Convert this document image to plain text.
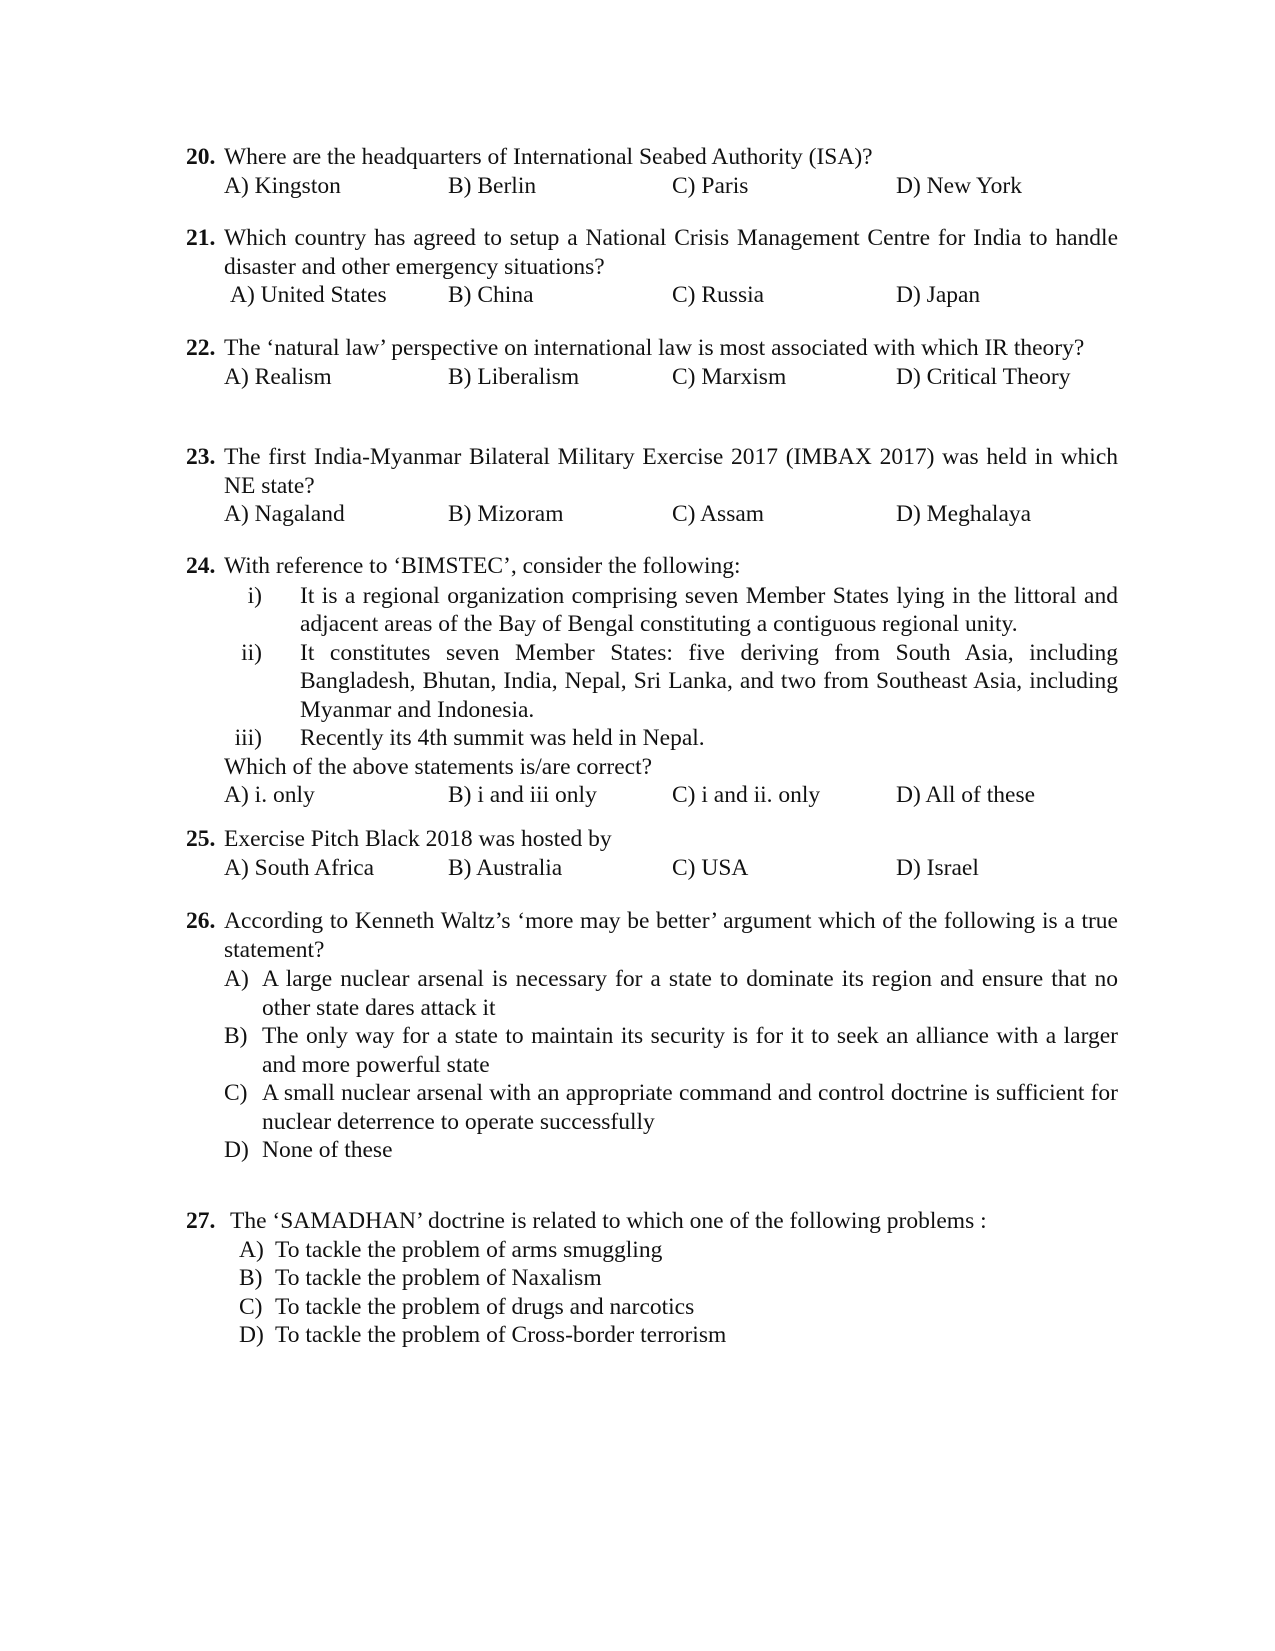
20. Where are the headquarters of International Seabed Authority (ISA)?
A) Kingston	B) Berlin	C) Paris	D) New York
21. Which country has agreed to setup a National Crisis Management Centre for India to handle disaster and other emergency situations?
A) United States	B) China	C) Russia	D) Japan
22. The ‘natural law’ perspective on international law is most associated with which IR theory?
A) Realism	B) Liberalism	C) Marxism	D) Critical Theory
23. The first India-Myanmar Bilateral Military Exercise 2017 (IMBAX 2017) was held in which NE state?
A) Nagaland	B) Mizoram	C) Assam	D) Meghalaya
24. With reference to ‘BIMSTEC’, consider the following:
i) It is a regional organization comprising seven Member States lying in the littoral and adjacent areas of the Bay of Bengal constituting a contiguous regional unity.
ii) It constitutes seven Member States: five deriving from South Asia, including Bangladesh, Bhutan, India, Nepal, Sri Lanka, and two from Southeast Asia, including Myanmar and Indonesia.
iii) Recently its 4th summit was held in Nepal.
Which of the above statements is/are correct?
A) i. only	B) i and iii only	C) i and ii. only	D) All of these
25. Exercise Pitch Black 2018 was hosted by
A) South Africa	B) Australia	C) USA	D) Israel
26. According to Kenneth Waltz’s ‘more may be better’ argument which of the following is a true statement?
A) A large nuclear arsenal is necessary for a state to dominate its region and ensure that no other state dares attack it
B) The only way for a state to maintain its security is for it to seek an alliance with a larger and more powerful state
C) A small nuclear arsenal with an appropriate command and control doctrine is sufficient for nuclear deterrence to operate successfully
D) None of these
27. The ‘SAMADHAN’ doctrine is related to which one of the following problems :
A) To tackle the problem of arms smuggling
B) To tackle the problem of Naxalism
C) To tackle the problem of drugs and narcotics
D) To tackle the problem of Cross-border terrorism
